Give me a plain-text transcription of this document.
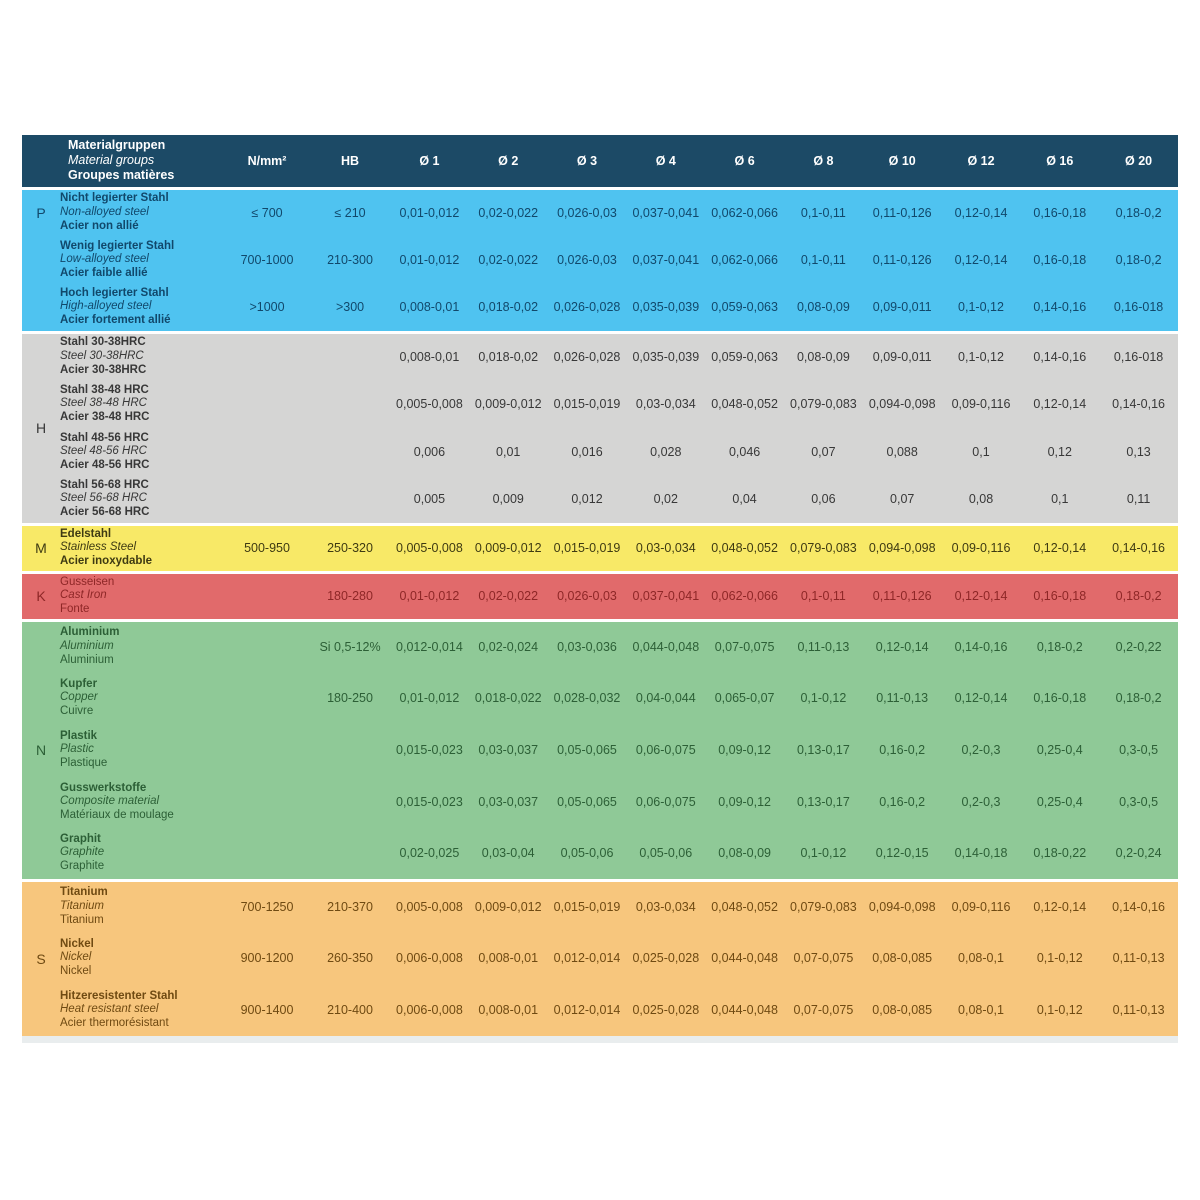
Materialgruppen
Material groups
Groupes matières		N/mm²	HB	Ø 1	Ø 2	Ø 3	Ø 4	Ø 6	Ø 8	Ø 10	Ø 12	Ø 16	Ø 20
P	Nicht legierter Stahl
Non-alloyed steel
Acier non allié	≤ 700	≤ 210	0,01-0,012	0,02-0,022	0,026-0,03	0,037-0,041	0,062-0,066	0,1-0,11	0,11-0,126	0,12-0,14	0,16-0,18	0,18-0,2

	Wenig legierter Stahl
Low-alloyed steel
Acier faible allié	700-1000	210-300	0,01-0,012	0,02-0,022	0,026-0,03	0,037-0,041	0,062-0,066	0,1-0,11	0,11-0,126	0,12-0,14	0,16-0,18	0,18-0,2

	Hoch legierter Stahl
High-alloyed steel
Acier fortement allié	>1000	>300	0,008-0,01	0,018-0,02	0,026-0,028	0,035-0,039	0,059-0,063	0,08-0,09	0,09-0,011	0,1-0,12	0,14-0,16	0,16-018
H	Stahl 30-38HRC
Steel 30-38HRC
Acier 30-38HRC			0,008-0,01	0,018-0,02	0,026-0,028	0,035-0,039	0,059-0,063	0,08-0,09	0,09-0,011	0,1-0,12	0,14-0,16	0,16-018

	Stahl 38-48 HRC
Steel 38-48 HRC
Acier 38-48 HRC			0,005-0,008	0,009-0,012	0,015-0,019	0,03-0,034	0,048-0,052	0,079-0,083	0,094-0,098	0,09-0,116	0,12-0,14	0,14-0,16

	Stahl 48-56 HRC
Steel 48-56 HRC
Acier 48-56 HRC			0,006	0,01	0,016	0,028	0,046	0,07	0,088	0,1	0,12	0,13

	Stahl 56-68 HRC
Steel 56-68 HRC
Acier 56-68 HRC			0,005	0,009	0,012	0,02	0,04	0,06	0,07	0,08	0,1	0,11
M	Edelstahl
Stainless Steel
Acier inoxydable	500-950	250-320	0,005-0,008	0,009-0,012	0,015-0,019	0,03-0,034	0,048-0,052	0,079-0,083	0,094-0,098	0,09-0,116	0,12-0,14	0,14-0,16
K	Gusseisen
Cast Iron
Fonte		180-280	0,01-0,012	0,02-0,022	0,026-0,03	0,037-0,041	0,062-0,066	0,1-0,11	0,11-0,126	0,12-0,14	0,16-0,18	0,18-0,2
N	Aluminium
Aluminium
Aluminium		Si 0,5-12%	0,012-0,014	0,02-0,024	0,03-0,036	0,044-0,048	0,07-0,075	0,11-0,13	0,12-0,14	0,14-0,16	0,18-0,2	0,2-0,22

	Kupfer
Copper
Cuivre		180-250	0,01-0,012	0,018-0,022	0,028-0,032	0,04-0,044	0,065-0,07	0,1-0,12	0,11-0,13	0,12-0,14	0,16-0,18	0,18-0,2

	Plastik
Plastic
Plastique			0,015-0,023	0,03-0,037	0,05-0,065	0,06-0,075	0,09-0,12	0,13-0,17	0,16-0,2	0,2-0,3	0,25-0,4	0,3-0,5

	Gusswerkstoffe
Composite material
Matériaux de moulage			0,015-0,023	0,03-0,037	0,05-0,065	0,06-0,075	0,09-0,12	0,13-0,17	0,16-0,2	0,2-0,3	0,25-0,4	0,3-0,5

	Graphit
Graphite
Graphite			0,02-0,025	0,03-0,04	0,05-0,06	0,05-0,06	0,08-0,09	0,1-0,12	0,12-0,15	0,14-0,18	0,18-0,22	0,2-0,24
S	Titanium
Titanium
Titanium	700-1250	210-370	0,005-0,008	0,009-0,012	0,015-0,019	0,03-0,034	0,048-0,052	0,079-0,083	0,094-0,098	0,09-0,116	0,12-0,14	0,14-0,16

	Nickel
Nickel
Nickel	900-1200	260-350	0,006-0,008	0,008-0,01	0,012-0,014	0,025-0,028	0,044-0,048	0,07-0,075	0,08-0,085	0,08-0,1	0,1-0,12	0,11-0,13

	Hitzeresistenter Stahl
Heat resistant steel
Acier thermorésistant	900-1400	210-400	0,006-0,008	0,008-0,01	0,012-0,014	0,025-0,028	0,044-0,048	0,07-0,075	0,08-0,085	0,08-0,1	0,1-0,12	0,11-0,13
